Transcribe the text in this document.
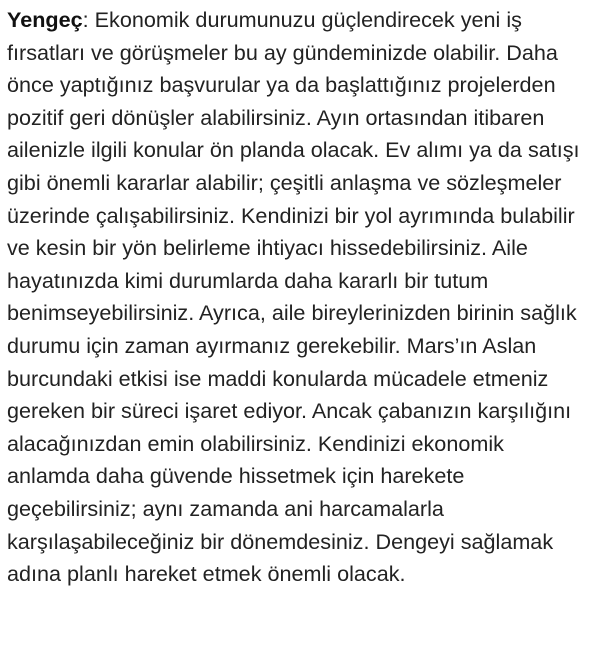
Yengeç: Ekonomik durumunuzu güçlendirecek yeni iş fırsatları ve görüşmeler bu ay gündeminizde olabilir. Daha önce yaptığınız başvurular ya da başlattığınız projelerden pozitif geri dönüşler alabilirsiniz. Ayın ortasından itibaren ailenizle ilgili konular ön planda olacak. Ev alımı ya da satışı gibi önemli kararlar alabilir; çeşitli anlaşma ve sözleşmeler üzerinde çalışabilirsiniz. Kendinizi bir yol ayrımında bulabilir ve kesin bir yön belirleme ihtiyacı hissedebilirsiniz. Aile hayatınızda kimi durumlarda daha kararlı bir tutum benimseyebilirsiniz. Ayrıca, aile bireylerinizden birinin sağlık durumu için zaman ayırmanız gerekebilir. Mars’ın Aslan burcundaki etkisi ise maddi konularda mücadele etmeniz gereken bir süreci işaret ediyor. Ancak çabanızın karşılığını alacağınızdan emin olabilirsiniz. Kendinizi ekonomik anlamda daha güvende hissetmek için harekete geçebilirsiniz; aynı zamanda ani harcamalarla karşılaşabileceğiniz bir dönemdesiniz. Dengeyi sağlamak adına planlı hareket etmek önemli olacak.
